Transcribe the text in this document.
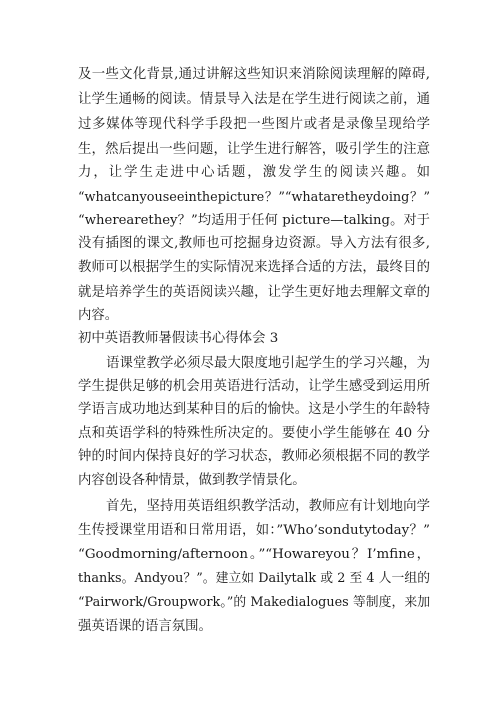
及一些文化背景,通过讲解这些知识来消除阅读理解的障碍,
让学生通畅的阅读。情景导入法是在学生进行阅读之前，通
过多媒体等现代科学手段把一些图片或者是录像呈现给学
生，然后提出一些问题，让学生进行解答，吸引学生的注意
力，让学生走进中心话题，激发学生的阅读兴趣。如
“whatcanyouseeinthepicture？”“whataretheydoing？”
“wherearethey？”均适用于任何 picture—talking。对于
没有插图的课文,教师也可挖掘身边资源。导入方法有很多,
教师可以根据学生的实际情况来选择合适的方法，最终目的
就是培养学生的英语阅读兴趣，让学生更好地去理解文章的
内容。
初中英语教师暑假读书心得体会 3
语课堂教学必须尽最大限度地引起学生的学习兴趣，为
学生提供足够的机会用英语进行活动，让学生感受到运用所
学语言成功地达到某种目的后的愉快。这是小学生的年龄特
点和英语学科的特殊性所决定的。要使小学生能够在 40 分
钟的时间内保持良好的学习状态，教师必须根据不同的教学
内容创设各种情景，做到教学情景化。
首先，坚持用英语组织教学活动，教师应有计划地向学
生传授课堂用语和日常用语，如：”Who’sondutytoday？”
“Goodmorning/afternoon。”“Howareyou？I’mfine，
thanks。Andyou？”。建立如 Dailytalk 或 2 至 4 人一组的
“Pairwork/Groupwork。”的 Makedialogues 等制度，来加
强英语课的语言氛围。
